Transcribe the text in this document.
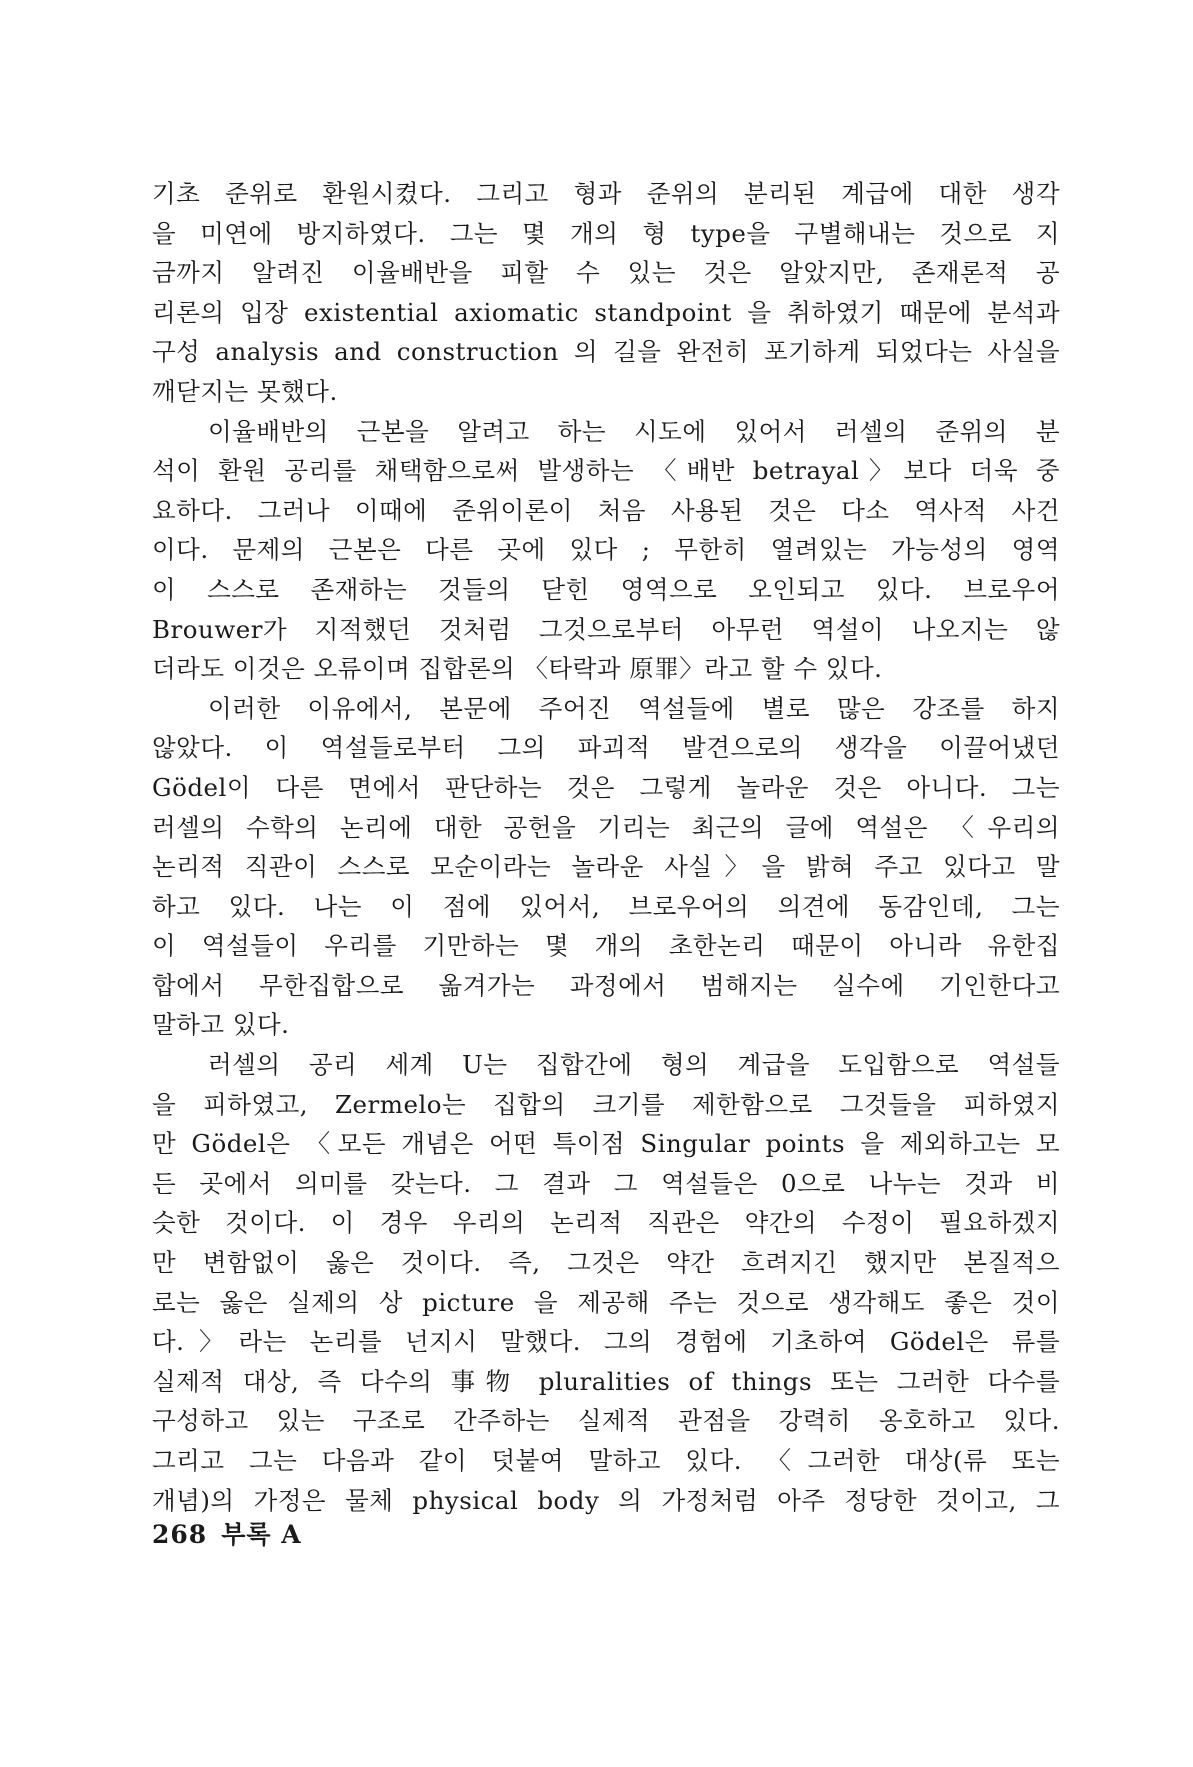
기초 준위로 환원시켰다. 그리고 형과 준위의 분리된 계급에 대한 생각
을 미연에 방지하였다. 그는 몇 개의 형 type을 구별해내는 것으로 지
금까지 알려진 이율배반을 피할 수 있는 것은 알았지만, 존재론적 공
리론의 입장 existential axiomatic standpoint 을 취하였기 때문에 분석과
구성 analysis and construction 의 길을 완전히 포기하게 되었다는 사실을
깨닫지는 못했다.
이율배반의 근본을 알려고 하는 시도에 있어서 러셀의 준위의 분
석이 환원 공리를 채택함으로써 발생하는 〈배반 betrayal〉보다 더욱 중
요하다. 그러나 이때에 준위이론이 처음 사용된 것은 다소 역사적 사건
이다. 문제의 근본은 다른 곳에 있다 ; 무한히 열려있는 가능성의 영역
이 스스로 존재하는 것들의 닫힌 영역으로 오인되고 있다. 브로우어
Brouwer가 지적했던 것처럼 그것으로부터 아무런 역설이 나오지는 않
더라도 이것은 오류이며 집합론의 〈타락과 原罪〉라고 할 수 있다.
이러한 이유에서, 본문에 주어진 역설들에 별로 많은 강조를 하지
않았다. 이 역설들로부터 그의 파괴적 발견으로의 생각을 이끌어냈던
Gödel이 다른 면에서 판단하는 것은 그렇게 놀라운 것은 아니다. 그는
러셀의 수학의 논리에 대한 공헌을 기리는 최근의 글에 역설은 〈우리의
논리적 직관이 스스로 모순이라는 놀라운 사실〉을 밝혀 주고 있다고 말
하고 있다. 나는 이 점에 있어서, 브로우어의 의견에 동감인데, 그는
이 역설들이 우리를 기만하는 몇 개의 초한논리 때문이 아니라 유한집
합에서 무한집합으로 옮겨가는 과정에서 범해지는 실수에 기인한다고
말하고 있다.
러셀의 공리 세계 U는 집합간에 형의 계급을 도입함으로 역설들
을 피하였고, Zermelo는 집합의 크기를 제한함으로 그것들을 피하였지
만 Gödel은 〈모든 개념은 어떤 특이점 Singular points 을 제외하고는 모
든 곳에서 의미를 갖는다. 그 결과 그 역설들은 0으로 나누는 것과 비
슷한 것이다. 이 경우 우리의 논리적 직관은 약간의 수정이 필요하겠지
만 변함없이 옳은 것이다. 즉, 그것은 약간 흐려지긴 했지만 본질적으
로는 옳은 실제의 상 picture 을 제공해 주는 것으로 생각해도 좋은 것이
다.〉라는 논리를 넌지시 말했다. 그의 경험에 기초하여 Gödel은 류를
실제적 대상, 즉 다수의 事物 pluralities of things 또는 그러한 다수를
구성하고 있는 구조로 간주하는 실제적 관점을 강력히 옹호하고 있다.
그리고 그는 다음과 같이 덧붙여 말하고 있다. 〈그러한 대상(류 또는
개념)의 가정은 물체 physical body 의 가정처럼 아주 정당한 것이고, 그
268 부록 A
